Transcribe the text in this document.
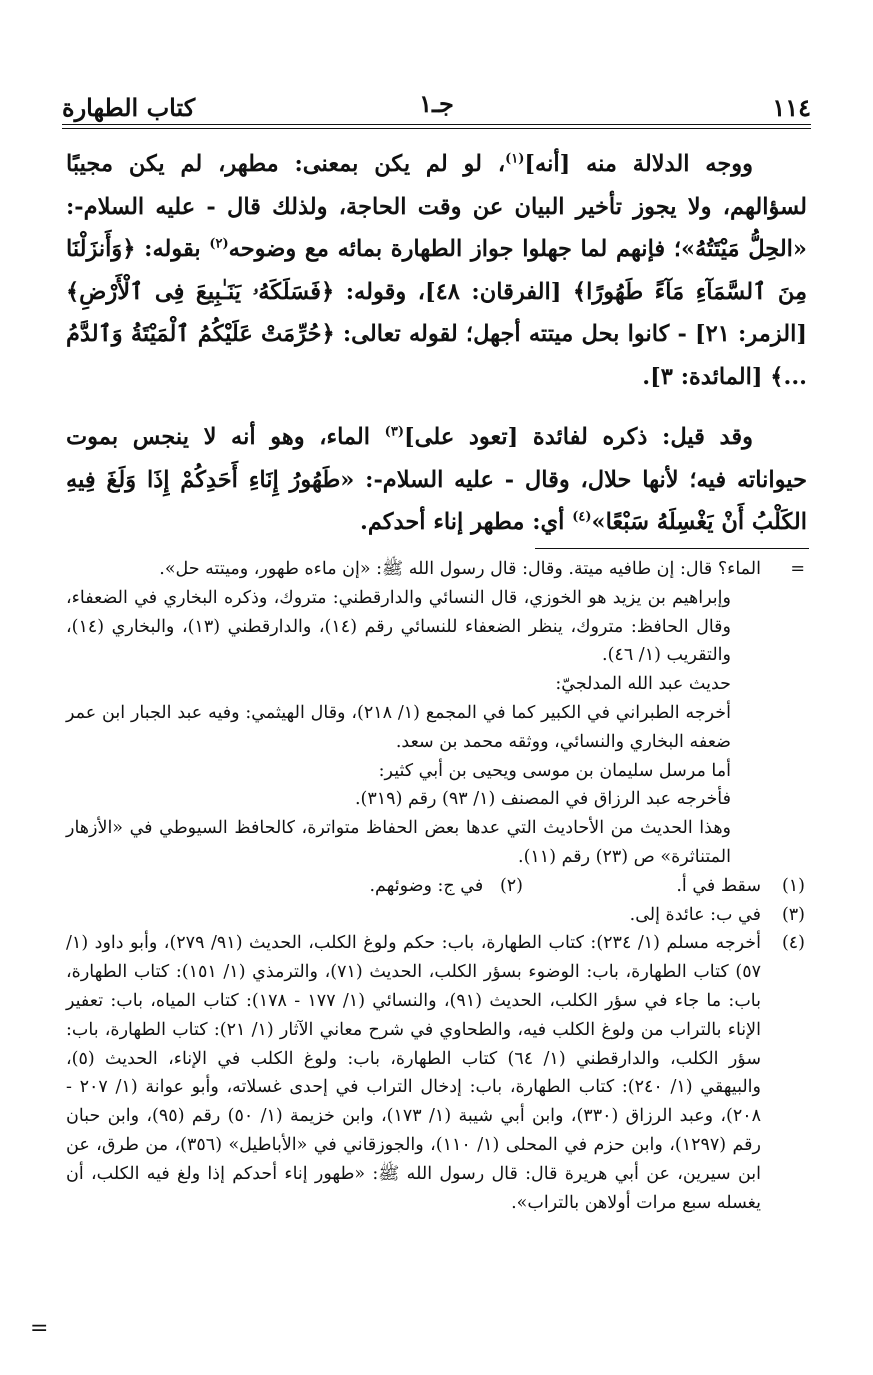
١١٤
جـ١
كتاب الطهارة

ووجه الدلالة منه [أنه]$^{(١)}$، لو لم يكن بمعنى: مطهر، لم يكن مجيبًا لسؤالهم، ولا يجوز تأخير البيان عن وقت الحاجة، ولذلك قال - عليه السلام-: «الحِلُّ مَيْتَتُهُ»؛ فإنهم لما جهلوا جواز الطهارة بمائه مع وضوحه$^{(٢)}$ بقوله: ﴿وَأَنزَلْنَا مِنَ ٱلسَّمَآءِ مَآءً طَهُورًا﴾ [الفرقان: ٤٨]، وقوله: ﴿فَسَلَكَهُۥ يَنَـٰبِيعَ فِى ٱلْأَرْضِ﴾ [الزمر: ٢١] - كانوا بحل ميتته أجهل؛ لقوله تعالى: ﴿حُرِّمَتْ عَلَيْكُمُ ٱلْمَيْتَةُ وَٱلدَّمُ ...﴾ [المائدة: ٣].

وقد قيل: ذكره لفائدة [تعود على]$^{(٣)}$ الماء، وهو أنه لا ينجس بموت حيواناته فيه؛ لأنها حلال، وقال - عليه السلام-: «طَهُورُ إِنَاءِ أَحَدِكُمْ إِذَا وَلَغَ فِيهِ الكَلْبُ أَنْ يَغْسِلَهُ سَبْعًا»$^{(٤)}$ أي: مطهر إناء أحدكم.

=
الماء؟ قال: إن طافيه ميتة. وقال: قال رسول الله ﷺ: «إن ماءه طهور، وميتته حل».
وإبراهيم بن يزيد هو الخوزي، قال النسائي والدارقطني: متروك، وذكره البخاري في الضعفاء، وقال الحافظ: متروك، ينظر الضعفاء للنسائي رقم (١٤)، والدارقطني (١٣)، والبخاري (١٤)، والتقريب (١/ ٤٦).
حديث عبد الله المدلجيّ:
أخرجه الطبراني في الكبير كما في المجمع (١/ ٢١٨)، وقال الهيثمي: وفيه عبد الجبار ابن عمر ضعفه البخاري والنسائي، ووثقه محمد بن سعد.
أما مرسل سليمان بن موسى ويحيى بن أبي كثير:
فأخرجه عبد الرزاق في المصنف (١/ ٩٣) رقم (٣١٩).
وهذا الحديث من الأحاديث التي عدها بعض الحفاظ متواترة، كالحافظ السيوطي في «الأزهار المتناثرة» ص (٢٣) رقم (١١).
(١)
سقط في أ.
(٢)

في ج: وضوئهم.
(٣)
في ب: عائدة إلى.
(٤)
أخرجه مسلم (١/ ٢٣٤): كتاب الطهارة، باب: حكم ولوغ الكلب، الحديث (٩١/ ٢٧٩)، وأبو داود (١/ ٥٧) كتاب الطهارة، باب: الوضوء بسؤر الكلب، الحديث (٧١)، والترمذي (١/ ١٥١): كتاب الطهارة، باب: ما جاء في سؤر الكلب، الحديث (٩١)، والنسائي (١/ ١٧٧ - ١٧٨): كتاب المياه، باب: تعفير الإناء بالتراب من ولوغ الكلب فيه، والطحاوي في شرح معاني الآثار (١/ ٢١): كتاب الطهارة، باب: سؤر الكلب، والدارقطني (١/ ٦٤) كتاب الطهارة، باب: ولوغ الكلب في الإناء، الحديث (٥)، والبيهقي (١/ ٢٤٠): كتاب الطهارة، باب: إدخال التراب في إحدى غسلاته، وأبو عوانة (١/ ٢٠٧ - ٢٠٨)، وعبد الرزاق (٣٣٠)، وابن أبي شيبة (١/ ١٧٣)، وابن خزيمة (١/ ٥٠) رقم (٩٥)، وابن حبان رقم (١٢٩٧)، وابن حزم في المحلى (١/ ١١٠)، والجوزقاني في «الأباطيل» (٣٥٦)، من طرق، عن ابن سيرين، عن أبي هريرة قال: قال رسول الله ﷺ: «طهور إناء أحدكم إذا ولغ فيه الكلب، أن يغسله سبع مرات أولاهن بالتراب».
=
